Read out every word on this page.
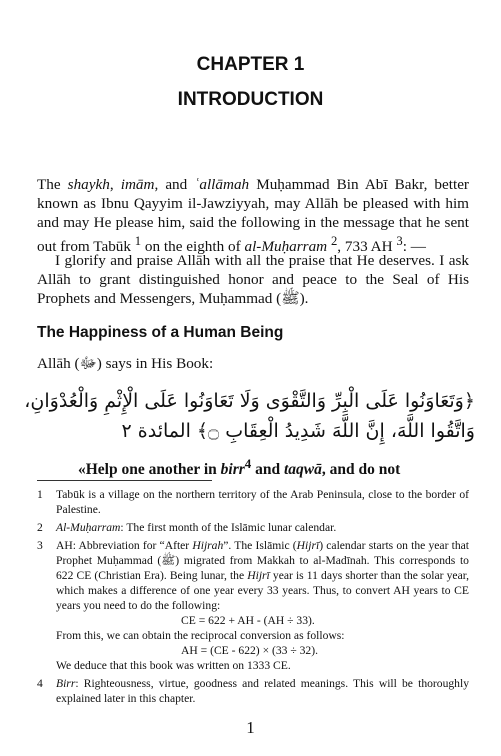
CHAPTER 1
INTRODUCTION

The shaykh, imām, and ʿallāmah Muḥammad Bin Abī Bakr, better known as Ibnu Qayyim il-Jawziyyah, may Allāh be pleased with him and may He please him, said the following in the message that he sent out from Tabūk $^1$ on the eighth of al-Muḥarram $^2$, 733 AH $^3$: —

I glorify and praise Allāh with all the praise that He deserves. I ask Allāh to grant distinguished honor and peace to the Seal of His Prophets and Messengers, Muḥammad (ﷺ).

The Happiness of a Human Being

Allāh (ﷻ) says in His Book:

﴿وَتَعَاوَنُوا عَلَى الْبِرِّ وَالتَّقْوَى وَلَا تَعَاوَنُوا عَلَى الْإِثْمِ وَالْعُدْوَانِ،
وَاتَّقُوا اللَّهَ، إِنَّ اللَّهَ شَدِيدُ الْعِقَابِ ۝﴾ المائدة ٢
«Help one another in birr$^4$ and taqwā, and do not
1	Tabūk is a village on the northern territory of the Arab Peninsula, close to the border of Palestine.
2	Al-Muḥarram: The first month of the Islāmic lunar calendar.
3	AH: Abbreviation for “After Hijrah”. The Islāmic (Hijrī) calendar starts on the year that Prophet Muḥammad (ﷺ) migrated from Makkah to al-Madīnah. This corresponds to 622 CE (Christian Era). Being lunar, the Hijrī year is 11 days shorter than the solar year, which makes a difference of one year every 33 years. Thus, to convert AH years to CE years you need to do the following:
CE = 622 + AH - (AH ÷ 33).
From this, we can obtain the reciprocal conversion as follows:
AH = (CE - 622) × (33 ÷ 32).
We deduce that this book was written on 1333 CE.
4	Birr: Righteousness, virtue, goodness and related meanings. This will be thoroughly explained later in this chapter.
1
